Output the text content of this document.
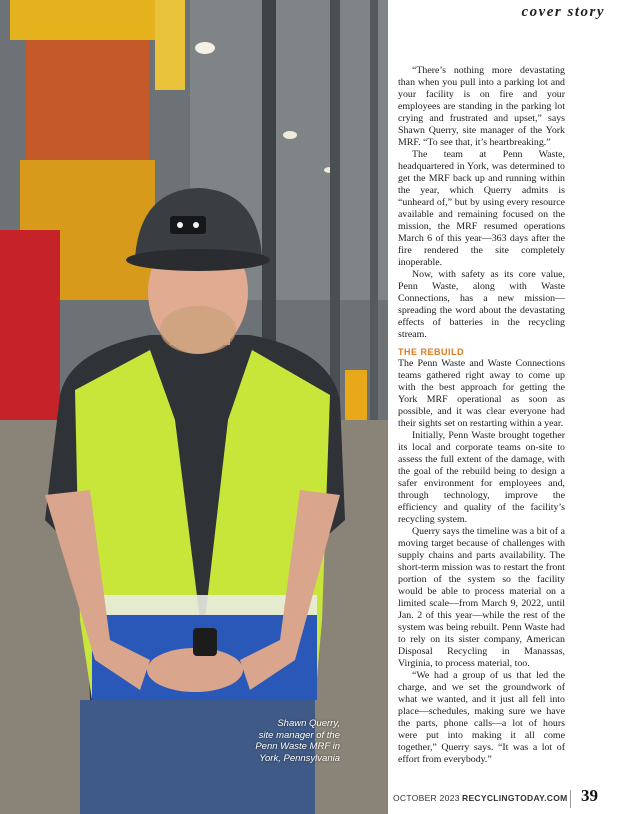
Shawn Querry,
site manager of the
Penn Waste MRF in
York, Pennsylvania
cover story

“There’s nothing more devastating than when you pull into a parking lot and your facility is on fire and your employees are standing in the parking lot crying and frustrated and upset,” says Shawn Querry, site manager of the York MRF. “To see that, it’s heartbreaking.”

The team at Penn Waste, headquartered in York, was determined to get the MRF back up and running within the year, which Querry admits is “unheard of,” but by using every resource available and remaining focused on the mission, the MRF resumed operations March 6 of this year—363 days after the fire rendered the site completely inoperable.

Now, with safety as its core value, Penn Waste, along with Waste Connections, has a new mission—spreading the word about the devastating effects of batteries in the recycling stream.

THE REBUILD

The Penn Waste and Waste Connections teams gathered right away to come up with the best approach for getting the York MRF operational as soon as possible, and it was clear everyone had their sights set on restarting within a year.

Initially, Penn Waste brought together its local and corporate teams on-site to assess the full extent of the damage, with the goal of the rebuild being to design a safer environment for employees and, through technology, improve the efficiency and quality of the facility’s recycling system.

Querry says the timeline was a bit of a moving target because of challenges with supply chains and parts availability. The short-term mission was to restart the front portion of the system so the facility would be able to process material on a limited scale—from March 9, 2022, until Jan. 2 of this year—while the rest of the system was being rebuilt. Penn Waste had to rely on its sister company, American Disposal Recycling in Manassas, Virginia, to process material, too.

“We had a group of us that led the charge, and we set the groundwork of what we wanted, and it just all fell into place—schedules, making sure we have the parts, phone calls—a lot of hours were put into making it all come together,” Querry says. “It was a lot of effort from everybody.”

OCTOBER 2023 RECYCLINGTODAY.COM 39
